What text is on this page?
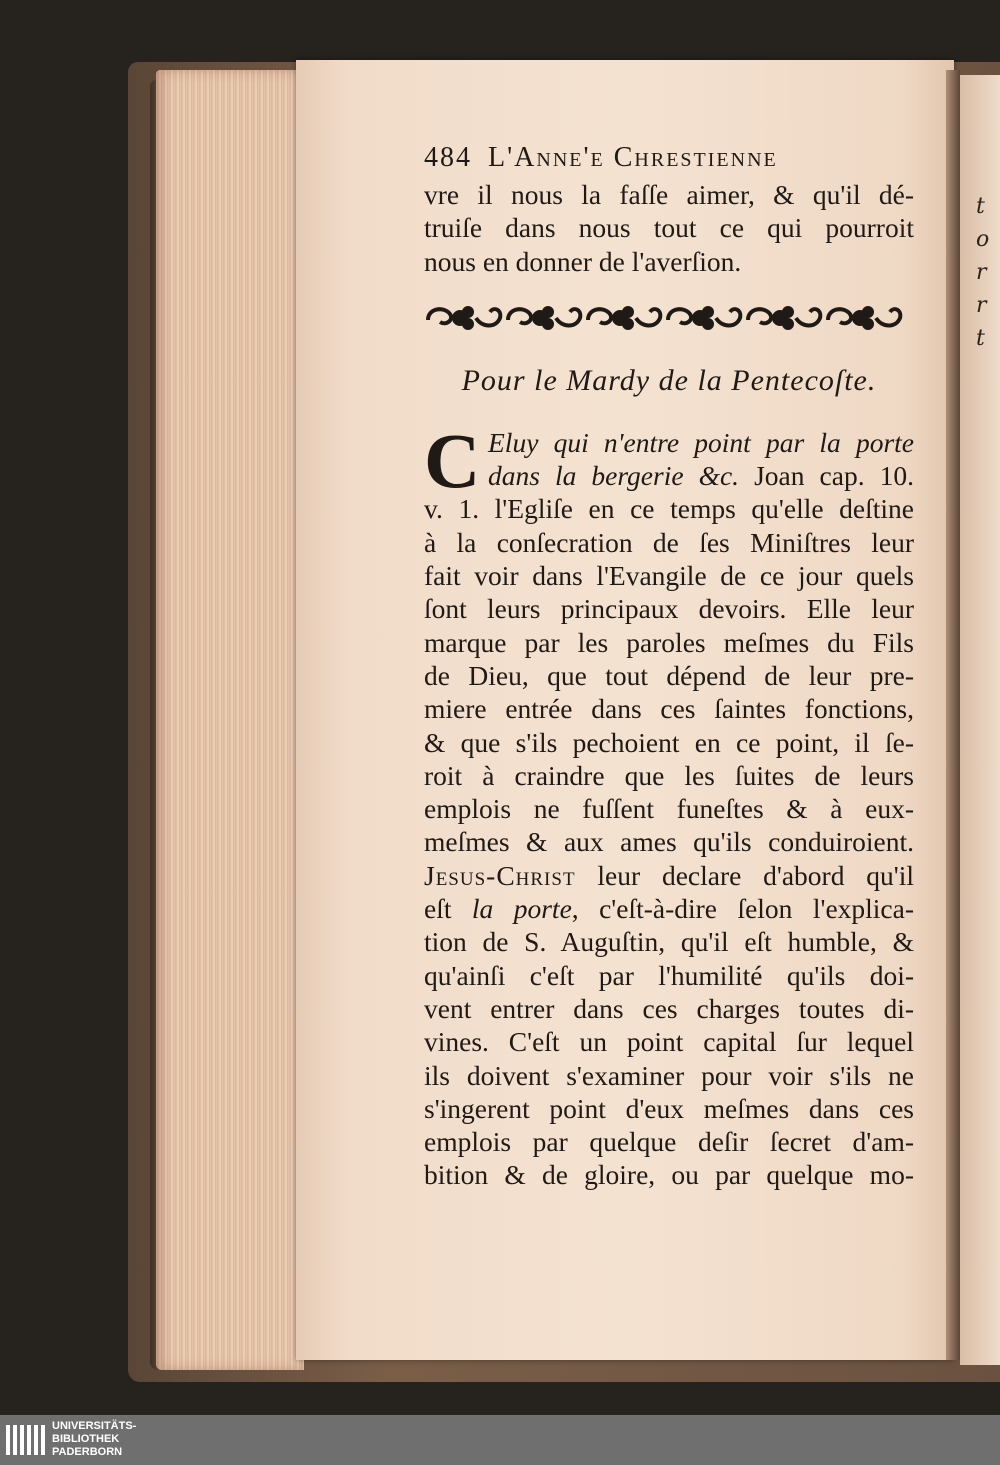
t
o
r
r
t
484 L'Anne'e Chrestienne
vre il nous la faſſe aimer, & qu'il dé-
truiſe dans nous tout ce qui pourroit
nous en donner de l'averſion.
Pour le Mardy de la Pentecoſte.
C Eluy qui n'entre point par la porte
dans la bergerie &c. Joan cap. 10.
v. 1. l'Egliſe en ce temps qu'elle deſtine
à la conſecration de ſes Miniſtres leur
fait voir dans l'Evangile de ce jour quels
ſont leurs principaux devoirs. Elle leur
marque par les paroles meſmes du Fils
de Dieu, que tout dépend de leur pre-
miere entrée dans ces ſaintes fonctions,
& que s'ils pechoient en ce point, il ſe-
roit à craindre que les ſuites de leurs
emplois ne fuſſent funeſtes & à eux-
meſmes & aux ames qu'ils conduiroient.
Jesus-Christ leur declare d'abord qu'il
eſt la porte, c'eſt-à-dire ſelon l'explica-
tion de S. Auguſtin, qu'il eſt humble, &
qu'ainſi c'eſt par l'humilité qu'ils doi-
vent entrer dans ces charges toutes di-
vines. C'eſt un point capital ſur lequel
ils doivent s'examiner pour voir s'ils ne
s'ingerent point d'eux meſmes dans ces
emplois par quelque deſir ſecret d'am-
bition & de gloire, ou par quelque mo-
UNIVERSITÄTS-
BIBLIOTHEK
PADERBORN
